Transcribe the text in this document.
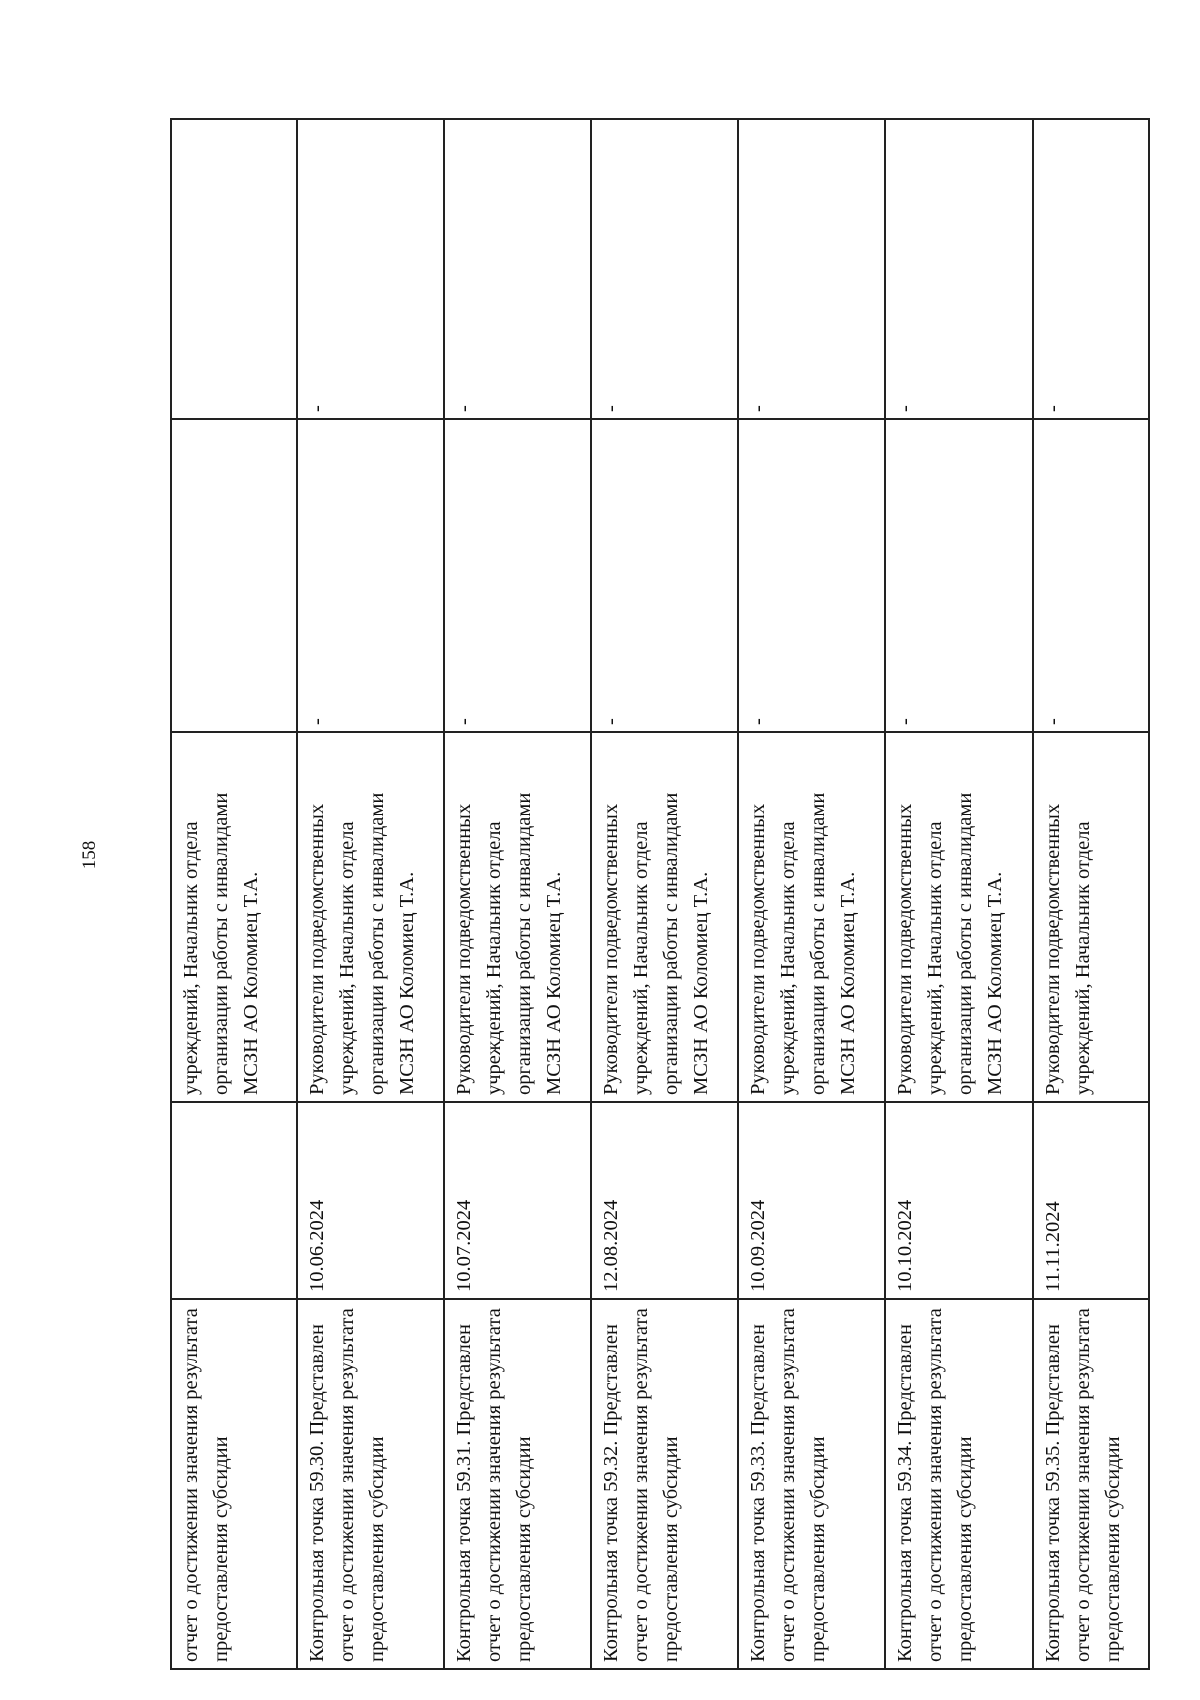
158
отчет о достижении значения результата предоставления субсидии		учреждений, Начальник отдела организации работы с инвалидами МСЗН АО Коломиец Т.А.		
Контрольная точка 59.30. Представлен отчет о достижении значения результата предоставления субсидии	10.06.2024	Руководители подведомственных учреждений, Начальник отдела организации работы с инвалидами МСЗН АО Коломиец Т.А.	-	-
Контрольная точка 59.31. Представлен отчет о достижении значения результата предоставления субсидии	10.07.2024	Руководители подведомственных учреждений, Начальник отдела организации работы с инвалидами МСЗН АО Коломиец Т.А.	-	-
Контрольная точка 59.32. Представлен отчет о достижении значения результата предоставления субсидии	12.08.2024	Руководители подведомственных учреждений, Начальник отдела организации работы с инвалидами МСЗН АО Коломиец Т.А.	-	-
Контрольная точка 59.33. Представлен отчет о достижении значения результата предоставления субсидии	10.09.2024	Руководители подведомственных учреждений, Начальник отдела организации работы с инвалидами МСЗН АО Коломиец Т.А.	-	-
Контрольная точка 59.34. Представлен отчет о достижении значения результата предоставления субсидии	10.10.2024	Руководители подведомственных учреждений, Начальник отдела организации работы с инвалидами МСЗН АО Коломиец Т.А.	-	-
Контрольная точка 59.35. Представлен отчет о достижении значения результата предоставления субсидии	11.11.2024	Руководители подведомственных учреждений, Начальник отдела	-	-
